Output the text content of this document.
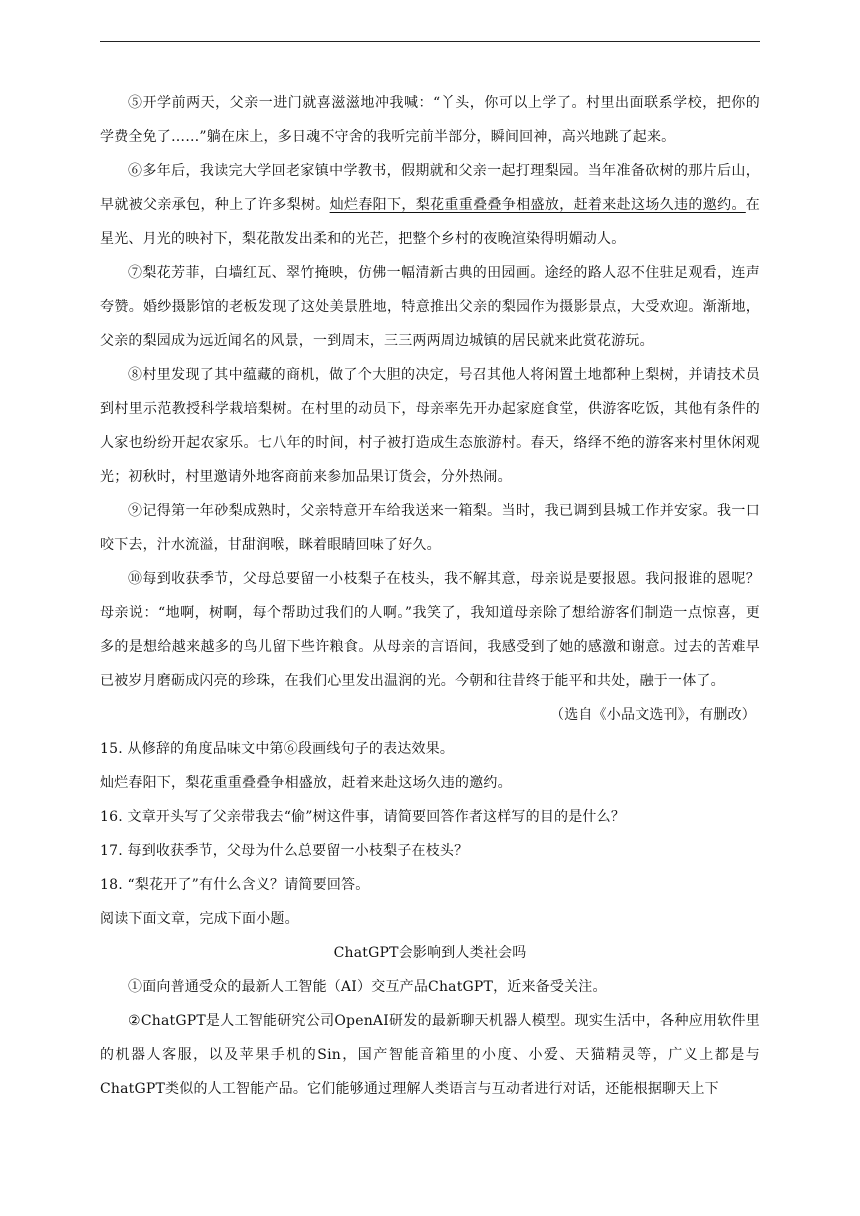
⑤开学前两天，父亲一进门就喜滋滋地冲我喊：“丫头，你可以上学了。村里出面联系学校，把你的学费全免了……”躺在床上，多日魂不守舍的我听完前半部分，瞬间回神，高兴地跳了起来。

⑥多年后，我读完大学回老家镇中学教书，假期就和父亲一起打理梨园。当年准备砍树的那片后山，早就被父亲承包，种上了许多梨树。灿烂春阳下，梨花重重叠叠争相盛放，赶着来赴这场久违的邀约。在星光、月光的映衬下，梨花散发出柔和的光芒，把整个乡村的夜晚渲染得明媚动人。

⑦梨花芳菲，白墙红瓦、翠竹掩映，仿佛一幅清新古典的田园画。途经的路人忍不住驻足观看，连声夸赞。婚纱摄影馆的老板发现了这处美景胜地，特意推出父亲的梨园作为摄影景点，大受欢迎。渐渐地，父亲的梨园成为远近闻名的风景，一到周末，三三两两周边城镇的居民就来此赏花游玩。

⑧村里发现了其中蕴藏的商机，做了个大胆的决定，号召其他人将闲置土地都种上梨树，并请技术员到村里示范教授科学栽培梨树。在村里的动员下，母亲率先开办起家庭食堂，供游客吃饭，其他有条件的人家也纷纷开起农家乐。七八年的时间，村子被打造成生态旅游村。春天，络绎不绝的游客来村里休闲观光；初秋时，村里邀请外地客商前来参加品果订货会，分外热闹。

⑨记得第一年砂梨成熟时，父亲特意开车给我送来一箱梨。当时，我已调到县城工作并安家。我一口咬下去，汁水流溢，甘甜润喉，眯着眼睛回味了好久。

⑩每到收获季节，父母总要留一小枝梨子在枝头，我不解其意，母亲说是要报恩。我问报谁的恩呢？母亲说：“地啊，树啊，每个帮助过我们的人啊。”我笑了，我知道母亲除了想给游客们制造一点惊喜，更多的是想给越来越多的鸟儿留下些许粮食。从母亲的言语间，我感受到了她的感激和谢意。过去的苦难早已被岁月磨砺成闪亮的珍珠，在我们心里发出温润的光。今朝和往昔终于能平和共处，融于一体了。

（选自《小品文选刊》，有删改）

15. 从修辞的角度品味文中第⑥段画线句子的表达效果。

灿烂春阳下，梨花重重叠叠争相盛放，赶着来赴这场久违的邀约。

16. 文章开头写了父亲带我去“偷”树这件事，请简要回答作者这样写的目的是什么？

17. 每到收获季节，父母为什么总要留一小枝梨子在枝头？

18. “梨花开了”有什么含义？请简要回答。

阅读下面文章，完成下面小题。

ChatGPT会影响到人类社会吗

①面向普通受众的最新人工智能（AI）交互产品ChatGPT，近来备受关注。

②ChatGPT是人工智能研究公司OpenAI研发的最新聊天机器人模型。现实生活中，各种应用软件里的机器人客服，以及苹果手机的Sin，国产智能音箱里的小度、小爱、天猫精灵等，广义上都是与ChatGPT类似的人工智能产品。它们能够通过理解人类语言与互动者进行对话，还能根据聊天上下
